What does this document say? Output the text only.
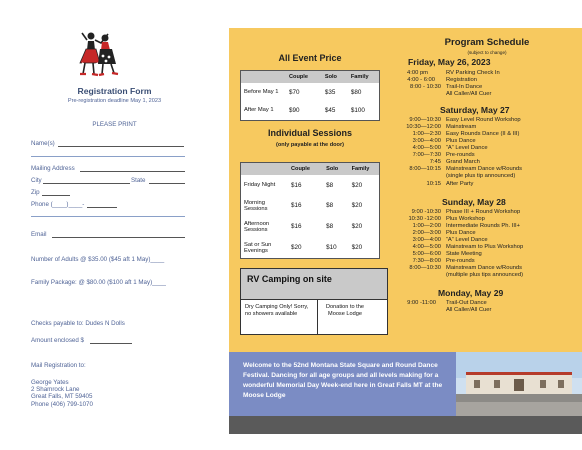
Registration Form
Pre-registration deadline May 1, 2023
PLEASE PRINT
Name(s)
Mailing Address
City	State
Zip
Phone (____)____-
Email
Number of Adults @ $35.00 ($45 aft 1 May)____
Family Package: @ $80.00 ($100 aft 1 May)____
Checks payable to: Dudes N Dolls
Amount enclosed $
Mail Registration to:
George Yates
2 Shamrock Lane
Great Falls, MT 59405
Phone (406) 799-1070
All Event Price
	Couple	Solo	Family
Before May 1	$70	$35	$80
After May 1	$90	$45	$100
Individual Sessions
(only payable at the door)
	Couple	Solo	Family
Friday Night	$16	$8	$20
Morning Sessions	$16	$8	$20
Afternoon Sessions	$16	$8	$20
Sat or Sun Evenings	$20	$10	$20
RV Camping on site
Dry Camping Only! Sorry, no showers available
Donation to the Moose Lodge
Program Schedule
(subject to change)
Friday, May 26, 2023
4:00 pm	RV Parking Check In
4:00 - 6:00 Registration
8:00 - 10:30 Trail-In Dance
All Caller/All Cuer
Saturday, May 27
9:00—10:30 Easy Level Round Workshop
10:30—12:00 Mainstream
1:00—2:30 Easy Rounds Dance (II & III)
3:00—4:00 Plus Dance
4:00—5:00 “A” Level Dance
7:00—7:30 Pre-rounds
7:45 Grand March
8:00—10:15 Mainstream Dance w/Rounds
(single plus tip announced)
10:15 After Party
Sunday, May 28
9:00 -10:30 Phase III + Round Workshop
10:30 -12:00 Plus Workshop
1:00—2:00 Intermediate Rounds Ph. III+
2:00—3:00 Plus Dance
3:00—4:00 “A” Level Dance
4:00—5:00 Mainstream to Plus Workshop
5:00—6:00 State Meeting
7:30—8:00 Pre-rounds
8:00—10:30 Mainstream Dance w/Rounds
(multiple plus tips announced)
Monday, May 29
9:00 -11:00 Trail-Out Dance
All Caller/All Cuer
Welcome to the 52nd Montana State Square and Round Dance Festival. Dancing for all age groups and all levels making for a wonderful Memorial Day Week-end here in Great Falls MT at the Moose Lodge
